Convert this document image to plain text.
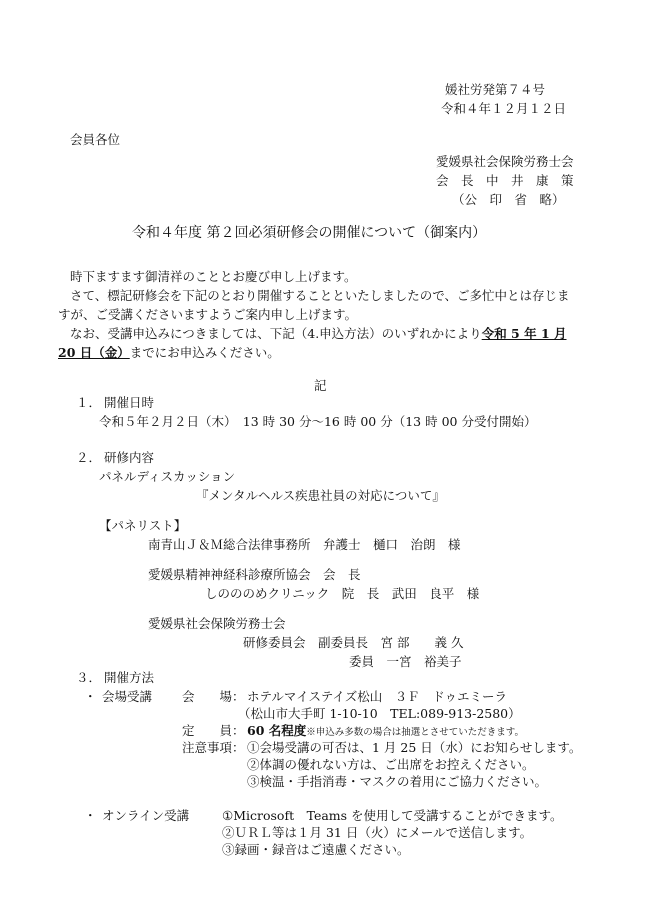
媛社労発第７４号
令和４年１２月１２日
会員各位
愛媛県社会保険労務士会
会　長　中　井　康　策
（公　印　省　略）
令和４年度 第２回必須研修会の開催について（御案内）
時下ますます御清祥のこととお慶び申し上げます。
さて、標記研修会を下記のとおり開催することといたしましたので、ご多忙中とは存じま
すが、ご受講くださいますようご案内申し上げます。
なお、受講申込みにつきましては、下記（4.申込方法）のいずれかにより令和 5 年 1 月
20 日（金）までにお申込みください。
記
１． 開催日時
令和５年２月２日（木）　13 時 30 分～16 時 00 分（13 時 00 分受付開始）
２． 研修内容
パネルディスカッション
『メンタルヘルス疾患社員の対応について』
【パネリスト】
南青山Ｊ＆Ｍ総合法律事務所　弁護士　樋口　治朗　様
愛媛県精神神経科診療所協会　会　長
しのののめクリニック　院　長　武田　良平　様
愛媛県社会保険労務士会
研修委員会　副委員長　宮 部　　義 久
委員　一宮　裕美子
３． 開催方法
・ 会場受講 会　　場： ホテルマイステイズ松山　３Ｆ　ドゥエミーラ
（松山市大手町 1-10-10　TEL:089-913-2580）
定　　員： 60 名程度※申込み多数の場合は抽選とさせていただきます。
注意事項： ①会場受講の可否は、1 月 25 日（水）にお知らせします。
②体調の優れない方は、ご出席をお控えください。
③検温・手指消毒・マスクの着用にご協力ください。
・ オンライン受講	①Microsoft　Teams を使用して受講することができます。
②ＵＲＬ等は１月 31 日（火）にメールで送信します。
③録画・録音はご遠慮ください。
